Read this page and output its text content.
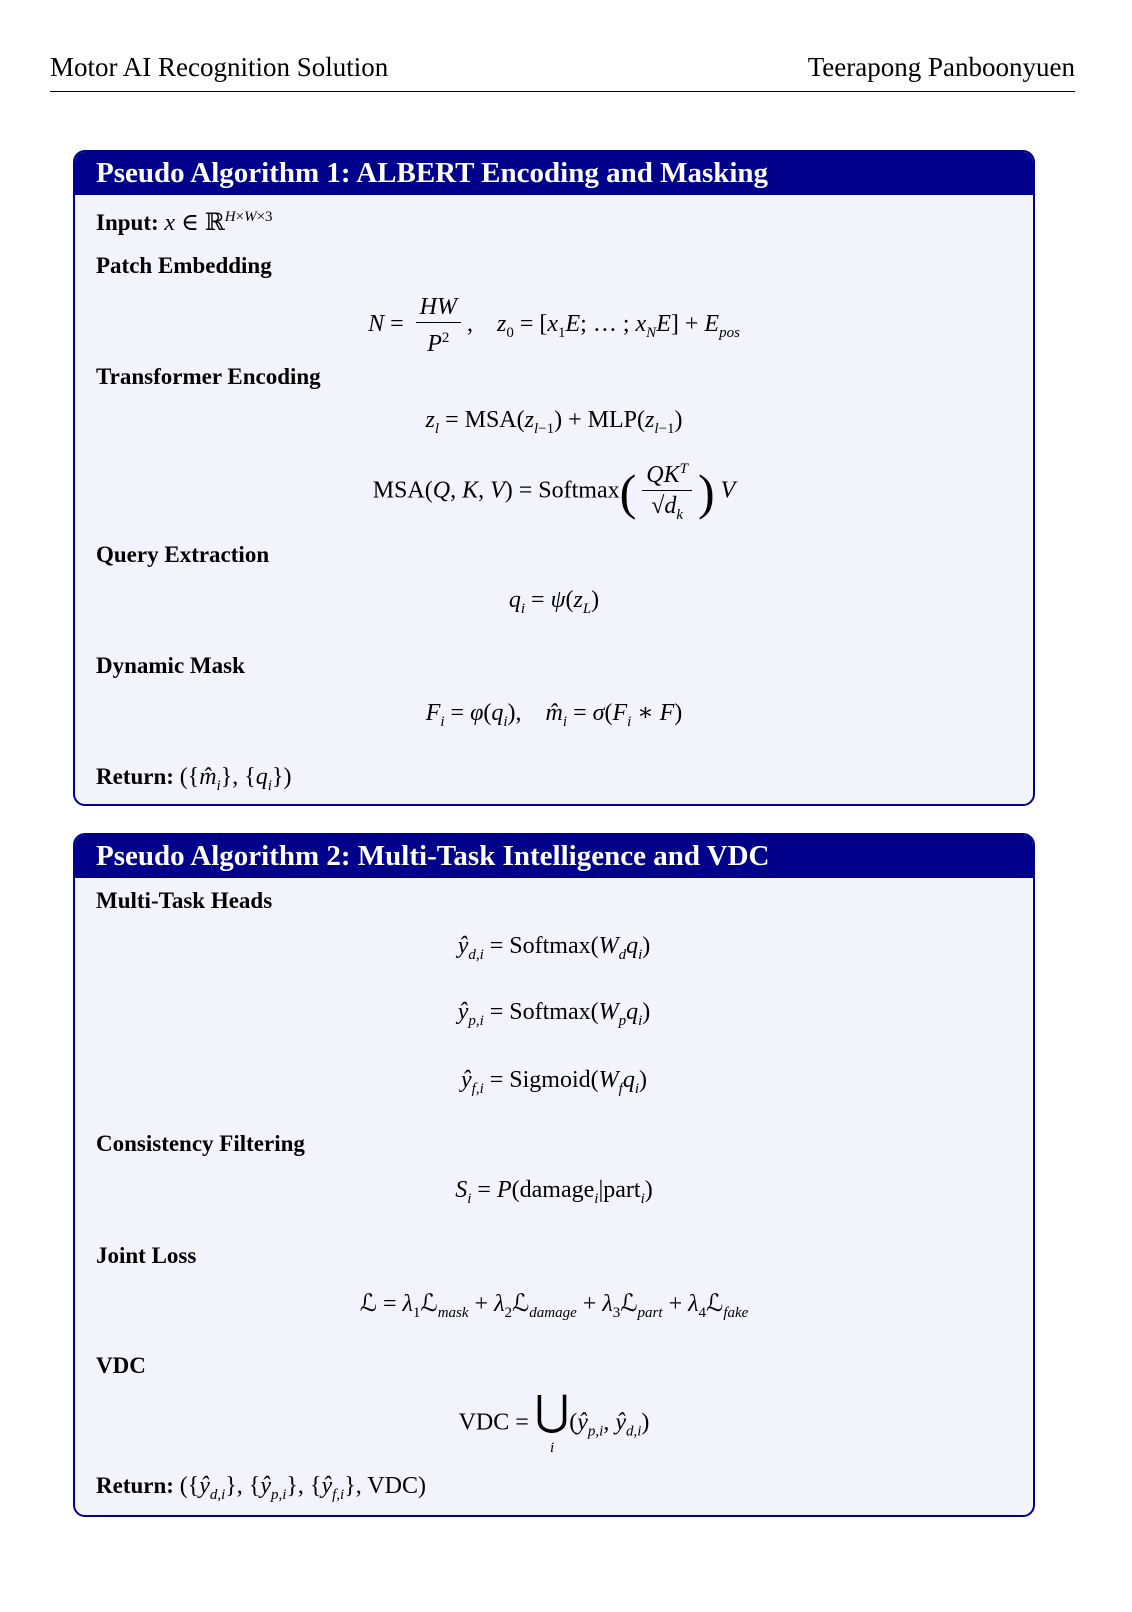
Motor AI Recognition Solution	Teerapong Panboonyuen
Pseudo Algorithm 1: ALBERT Encoding and Masking
Input: x ∈ ℝ$^{H\times W\times 3}$
Patch Embedding
$N = \frac{HW}{P^2}$ ,    $z_0 = [x_1E$; … ; $x_NE] + E_{pos}$
Transformer Encoding
$z_l = MSA(z_{l-1}) + MLP(z_{l-1})$
MSA(Q, K, V) = Softmax( $\frac{QK^T}{√d_k}$ ) V
Query Extraction
$q_i = \psi(z_L)$
Dynamic Mask
$F_i = \varphi(q_i)$,    $m̂_i = \sigma(F_i$ ∗ F)
Return: ($\{m̂_i\}$, $\{q_i\}$)
Pseudo Algorithm 2: Multi-Task Intelligence and VDC
Multi-Task Heads
$ŷ_{d,i}$ = $Softmax(W_dq_i)$
$ŷ_{p,i}$ = $Softmax(W_pq_i)$
$ŷ_{f,i}$ = $Sigmoid(W_fq_i)$
Consistency Filtering
$S_i$ = P(damage$_i$|part$_i$)
Joint Loss
ℒ = $\lambda_1ℒ_{mask}$ + $\lambda_2ℒ_{damage}$ + $\lambda_3ℒ_{part}$ + $\lambda_4ℒ_{fake}$
VDC
VDC = ⋃
$i(ŷ_{p,i}$, $ŷ_{d,i}$)
Return: ($\{ŷ_{d,i}\}$, $\{ŷ_{p,i}\}$, $\{ŷ_{f,i}\}$, VDC)
